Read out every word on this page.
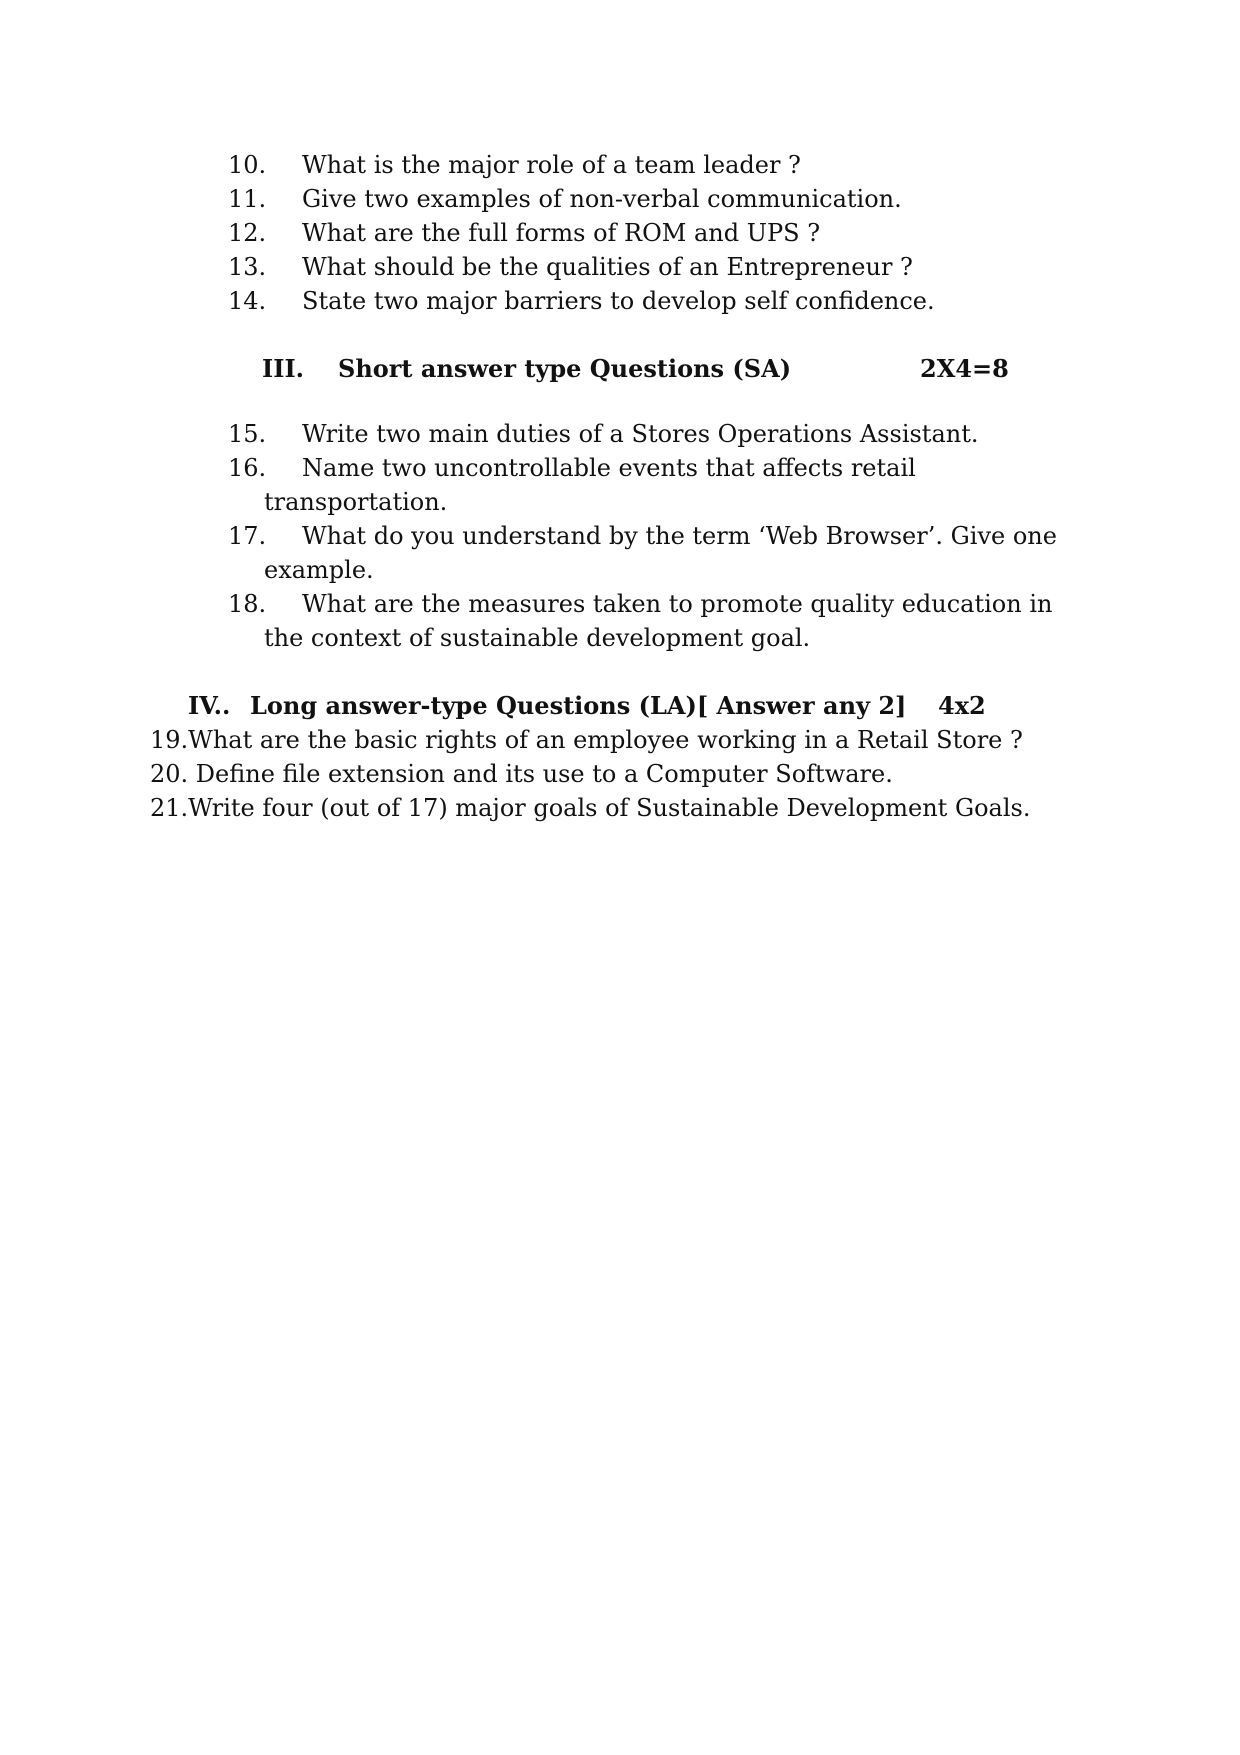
10. What is the major role of a team leader ?
11. Give two examples of non-verbal communication.
12. What are the full forms of ROM and UPS ?
13. What should be the qualities of an Entrepreneur ?
14. State two major barriers to develop self confidence.
III. Short answer type Questions (SA)	2X4=8
15. Write two main duties of a Stores Operations Assistant.
16. Name two uncontrollable events that affects retail
transportation.
17. What do you understand by the term ‘Web Browser’. Give one
example.
18. What are the measures taken to promote quality education in
the context of sustainable development goal.
IV.. Long answer-type Questions (LA)[ Answer any 2] 4x2
19.What are the basic rights of an employee working in a Retail Store ?
20. Define file extension and its use to a Computer Software.
21.Write four (out of 17) major goals of Sustainable Development Goals.
